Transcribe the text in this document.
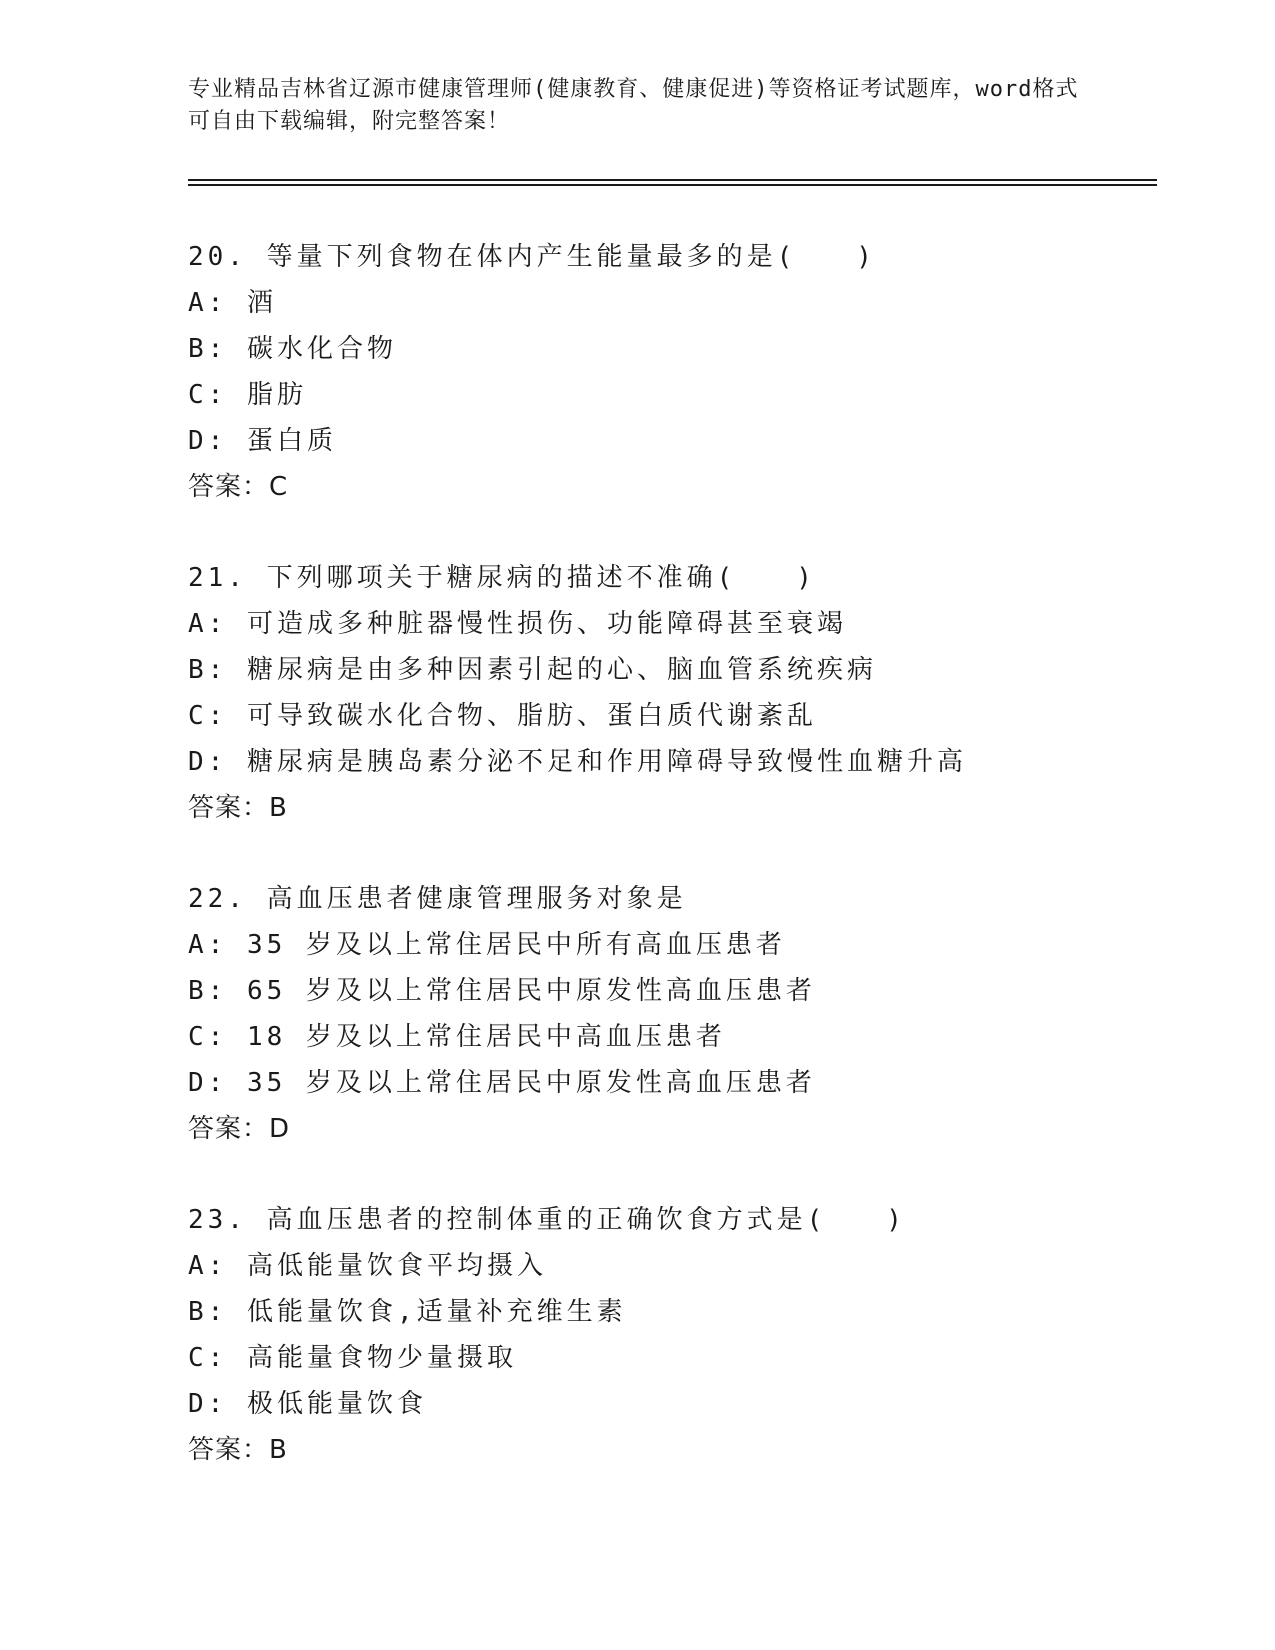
专业精品吉林省辽源市健康管理师(健康教育、健康促进)等资格证考试题库，word格式可自由下载编辑，附完整答案！
20. 等量下列食物在体内产生能量最多的是(　　)
A: 酒
B: 碳水化合物
C: 脂肪
D: 蛋白质
答案：C
21. 下列哪项关于糖尿病的描述不准确(　　)
A: 可造成多种脏器慢性损伤、功能障碍甚至衰竭
B: 糖尿病是由多种因素引起的心、脑血管系统疾病
C: 可导致碳水化合物、脂肪、蛋白质代谢紊乱
D: 糖尿病是胰岛素分泌不足和作用障碍导致慢性血糖升高
答案：B
22. 高血压患者健康管理服务对象是
A: 35 岁及以上常住居民中所有高血压患者
B: 65 岁及以上常住居民中原发性高血压患者
C: 18 岁及以上常住居民中高血压患者
D: 35 岁及以上常住居民中原发性高血压患者
答案：D
23. 高血压患者的控制体重的正确饮食方式是(　　)
A: 高低能量饮食平均摄入
B: 低能量饮食,适量补充维生素
C: 高能量食物少量摄取
D: 极低能量饮食
答案：B
